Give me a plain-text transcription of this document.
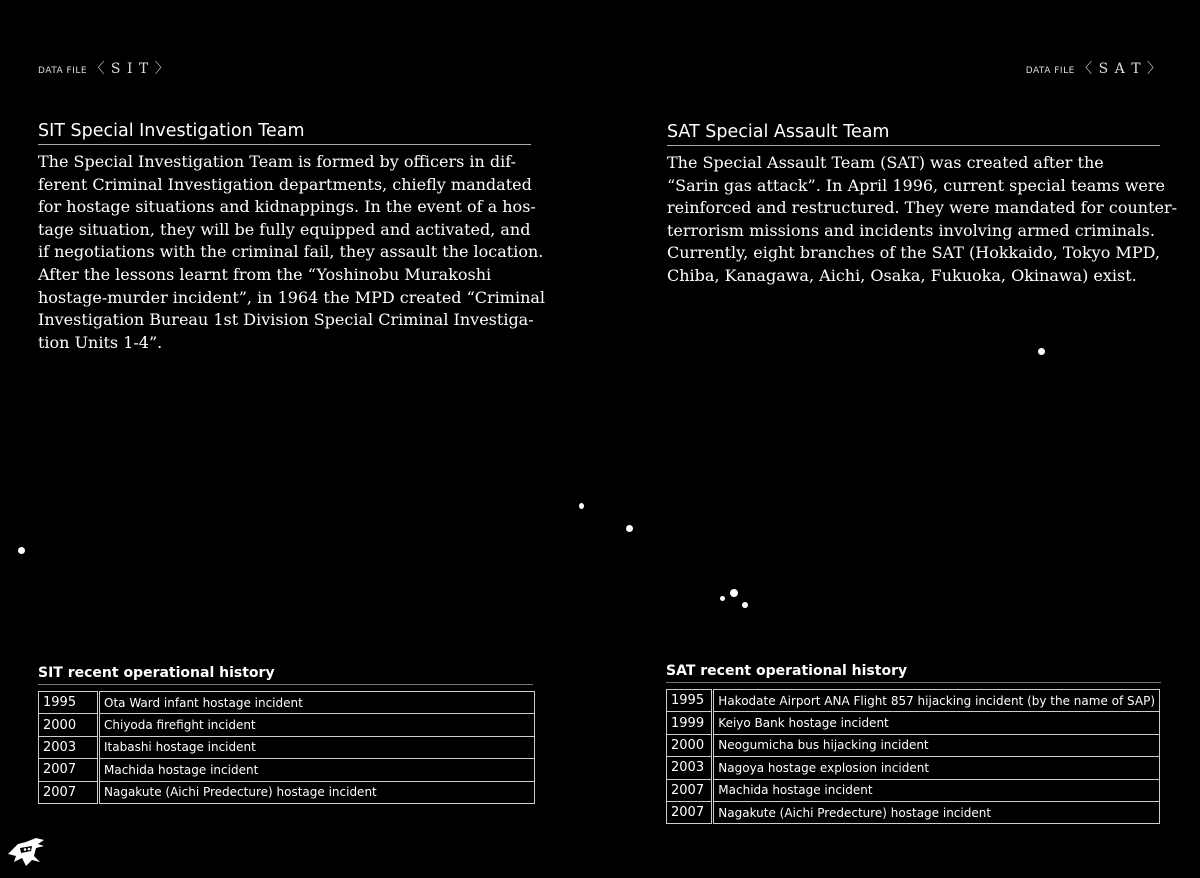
DATA FILE 〈 S I T 〉
SIT Special Investigation Team

The Special Investigation Team is formed by officers in dif-
ferent Criminal Investigation departments, chiefly mandated
for hostage situations and kidnappings. In the event of a hos-
tage situation, they will be fully equipped and activated, and
if negotiations with the criminal fail, they assault the location.
After the lessons learnt from the “Yoshinobu Murakoshi
hostage-murder incident”, in 1964 the MPD created “Criminal
Investigation Bureau 1st Division Special Criminal Investiga-
tion Units 1-4”.

SIT recent operational history
1995	Ota Ward infant hostage incident
2000	Chiyoda firefight incident
2003	Itabashi hostage incident
2007	Machida hostage incident
2007	Nagakute (Aichi Predecture) hostage incident
DATA FILE 〈 S A T 〉
SAT Special Assault Team

The Special Assault Team (SAT) was created after the
“Sarin gas attack”. In April 1996, current special teams were
reinforced and restructured. They were mandated for counter-
terrorism missions and incidents involving armed criminals.
Currently, eight branches of the SAT (Hokkaido, Tokyo MPD,
Chiba, Kanagawa, Aichi, Osaka, Fukuoka, Okinawa) exist.

SAT recent operational history
1995	Hakodate Airport ANA Flight 857 hijacking incident (by the name of SAP)
1999	Keiyo Bank hostage incident
2000	Neogumicha bus hijacking incident
2003	Nagoya hostage explosion incident
2007	Machida hostage incident
2007	Nagakute (Aichi Predecture) hostage incident
